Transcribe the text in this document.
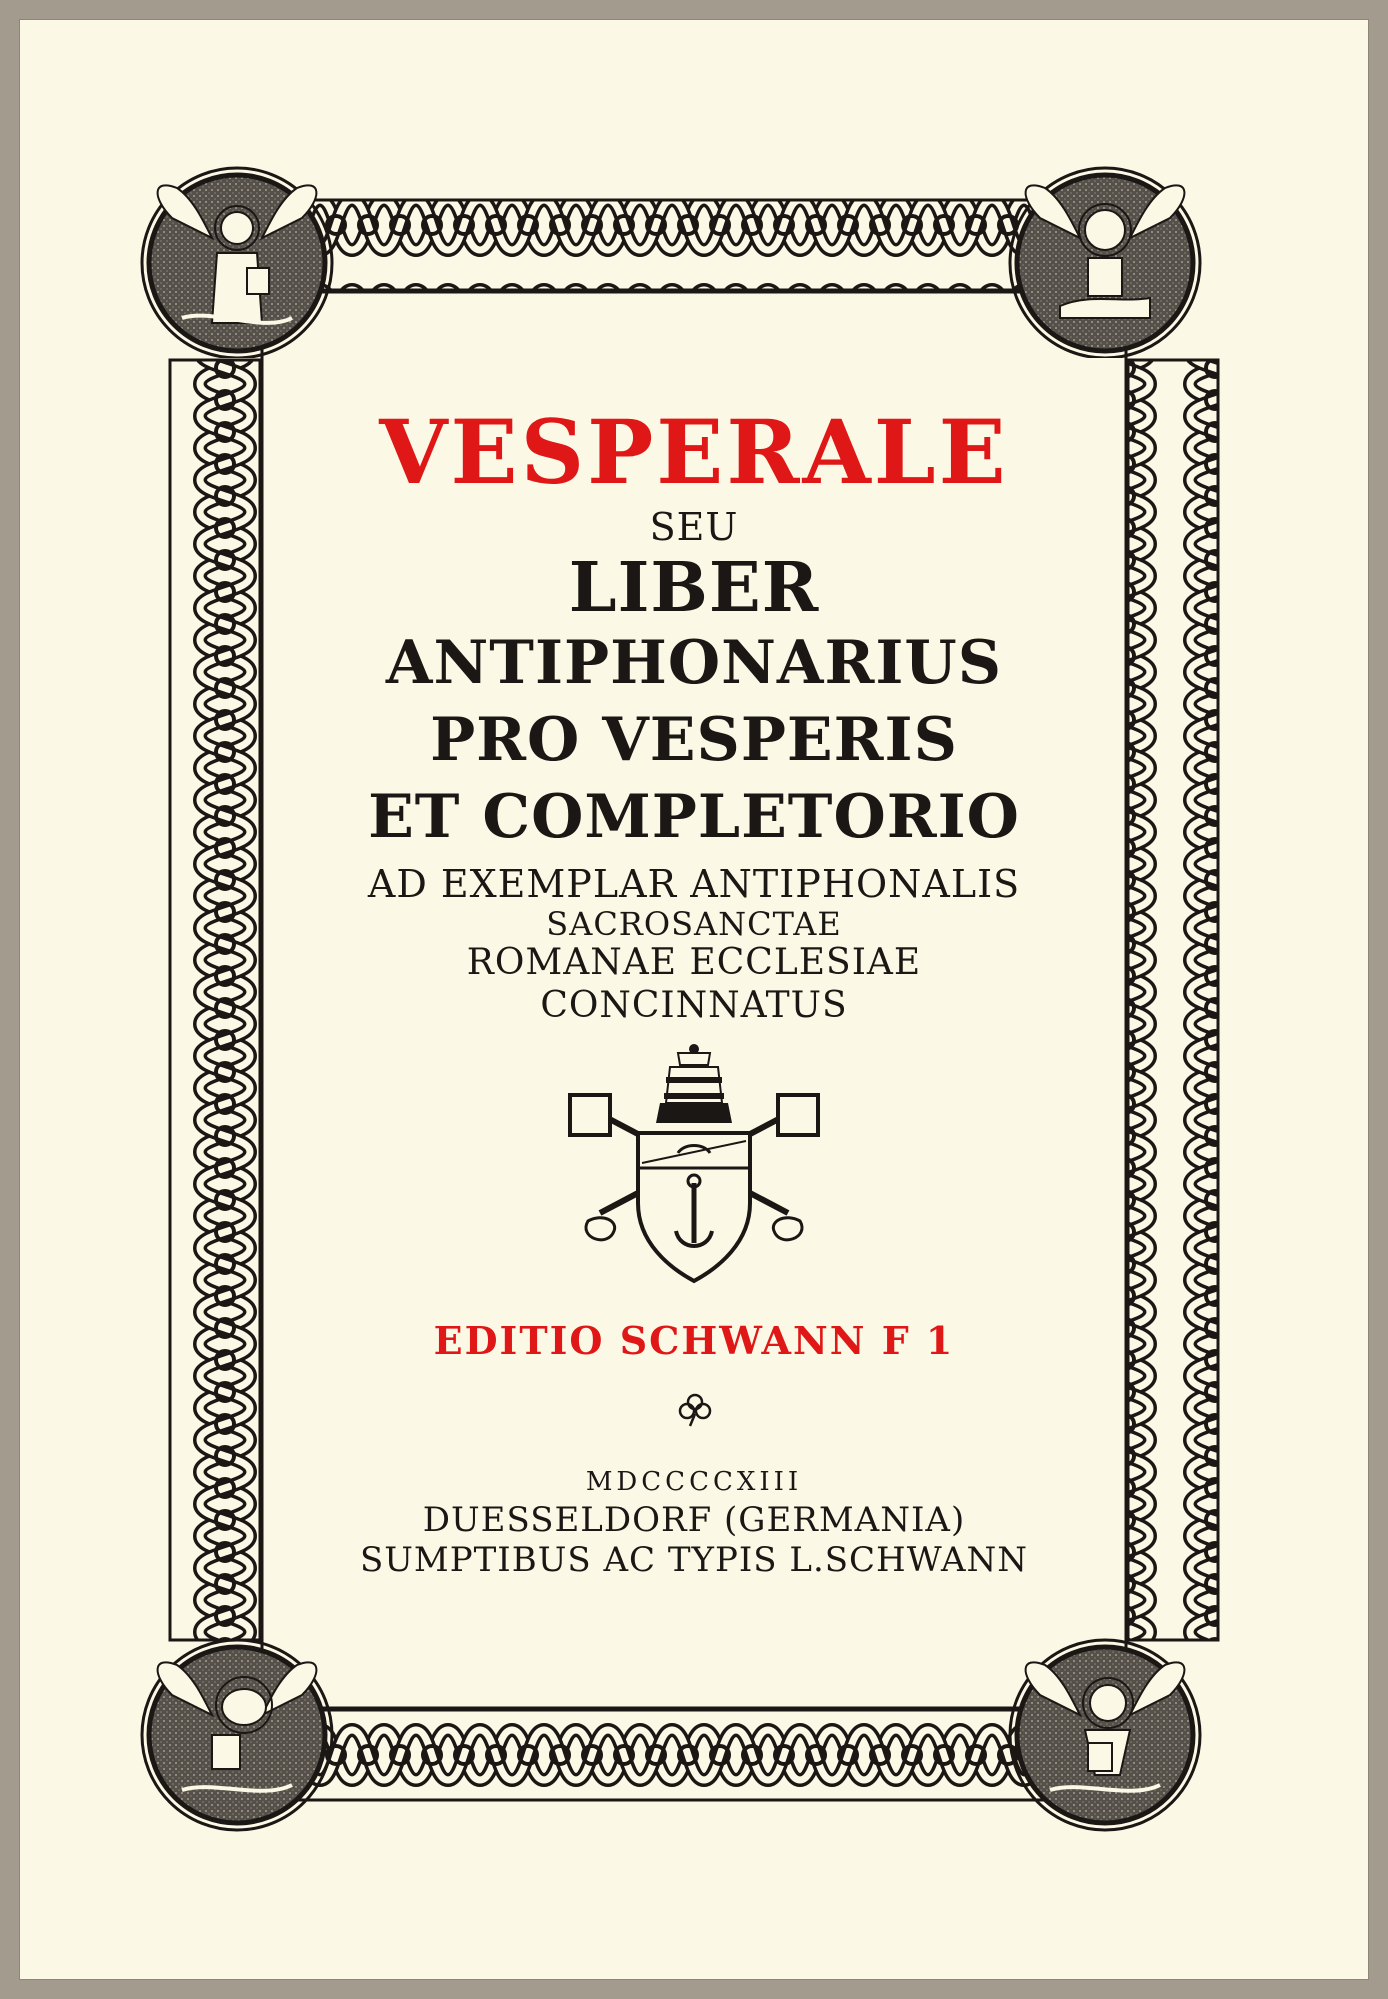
VESPERALE
SEU
LIBER
ANTIPHONARIUS
PRO VESPERIS
ET COMPLETORIO
AD EXEMPLAR ANTIPHONALIS
SACROSANCTAE
ROMANAE ECCLESIAE
CONCINNATUS
EDITIO SCHWANN F 1
MDCCCCXIII
DUESSELDORF (GERMANIA)
SUMPTIBUS AC TYPIS L.SCHWANN
